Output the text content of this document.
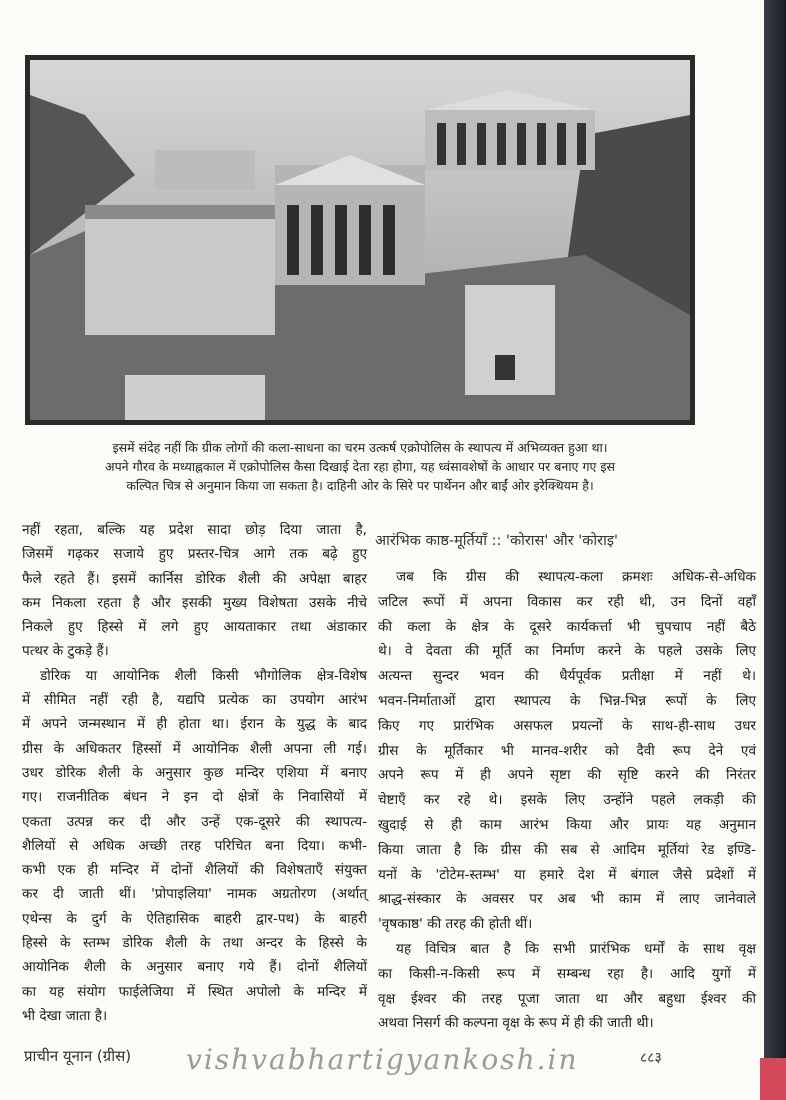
इसमें संदेह नहीं कि ग्रीक लोगों की कला-साधना का चरम उत्कर्ष एक्रोपोलिस के स्थापत्य में अभिव्यक्त हुआ था।
अपने गौरव के मध्याह्नकाल में एक्रोपोलिस कैसा दिखाई देता रहा होगा, यह ध्वंसावशेषों के आधार पर बनाए गए इस
कल्पित चित्र से अनुमान किया जा सकता है। दाहिनी ओर के सिरे पर पार्थेनन और बाईं ओर इरेक्थियम है।
नहीं रहता, बल्कि यह प्रदेश सादा छोड़ दिया जाता है,
जिसमें गढ़कर सजाये हुए प्रस्तर-चित्र आगे तक बढ़े हुए
फैले रहते हैं। इसमें कार्निस डोरिक शैली की अपेक्षा बाहर
कम निकला रहता है और इसकी मुख्य विशेषता उसके नीचे
निकले हुए हिस्से में लगे हुए आयताकार तथा अंडाकार
पत्थर के टुकड़े हैं।
डोरिक या आयोनिक शैली किसी भौगोलिक क्षेत्र-विशेष
में सीमित नहीं रही है, यद्यपि प्रत्येक का उपयोग आरंभ
में अपने जन्मस्थान में ही होता था। ईरान के युद्ध के बाद
ग्रीस के अधिकतर हिस्सों में आयोनिक शैली अपना ली गई।
उधर डोरिक शैली के अनुसार कुछ मन्दिर एशिया में बनाए
गए। राजनीतिक बंधन ने इन दो क्षेत्रों के निवासियों में
एकता उत्पन्न कर दी और उन्हें एक-दूसरे की स्थापत्य-
शैलियों से अधिक अच्छी तरह परिचित बना दिया। कभी-
कभी एक ही मन्दिर में दोनों शैलियों की विशेषताएँ संयुक्त
कर दी जाती थीं। 'प्रोपाइलिया' नामक अग्रतोरण (अर्थात्
एथेन्स के दुर्ग के ऐतिहासिक बाहरी द्वार-पथ) के बाहरी
हिस्से के स्तम्भ डोरिक शैली के तथा अन्दर के हिस्से के
आयोनिक शैली के अनुसार बनाए गये हैं। दोनों शैलियों
का यह संयोग फाईलेजिया में स्थित अपोलो के मन्दिर में
भी देखा जाता है।
आरंभिक काष्ठ-मूर्तियाँ :: 'कोरास' और 'कोराइ'
जब कि ग्रीस की स्थापत्य-कला क्रमशः अधिक-से-अधिक
जटिल रूपों में अपना विकास कर रही थी, उन दिनों वहाँ
की कला के क्षेत्र के दूसरे कार्यकर्त्ता भी चुपचाप नहीं बैठे
थे। वे देवता की मूर्ति का निर्माण करने के पहले उसके लिए
अत्यन्त सुन्दर भवन की धैर्यपूर्वक प्रतीक्षा में नहीं थे।
भवन-निर्माताओं द्वारा स्थापत्य के भिन्न-भिन्न रूपों के लिए
किए गए प्रारंभिक असफल प्रयत्नों के साथ-ही-साथ उधर
ग्रीस के मूर्तिकार भी मानव-शरीर को दैवी रूप देने एवं
अपने रूप में ही अपने सृष्टा की सृष्टि करने की निरंतर
चेष्टाएँ कर रहे थे। इसके लिए उन्होंने पहले लकड़ी की
खुदाई से ही काम आरंभ किया और प्रायः यह अनुमान
किया जाता है कि ग्रीस की सब से आदिम मूर्तियां रेड इण्डि-
यनों के 'टोटेम-स्तम्भ' या हमारे देश में बंगाल जैसे प्रदेशों में
श्राद्ध-संस्कार के अवसर पर अब भी काम में लाए जानेवाले
'वृषकाष्ठ' की तरह की होती थीं।
यह विचित्र बात है कि सभी प्रारंभिक धर्मों के साथ वृक्ष
का किसी-न-किसी रूप में सम्बन्ध रहा है। आदि युगों में
वृक्ष ईश्वर की तरह पूजा जाता था और बहुधा ईश्वर की
अथवा निसर्ग की कल्पना वृक्ष के रूप में ही की जाती थी।
vishvabhartigyankosh.in
प्राचीन यूनान (ग्रीस)	८८३
